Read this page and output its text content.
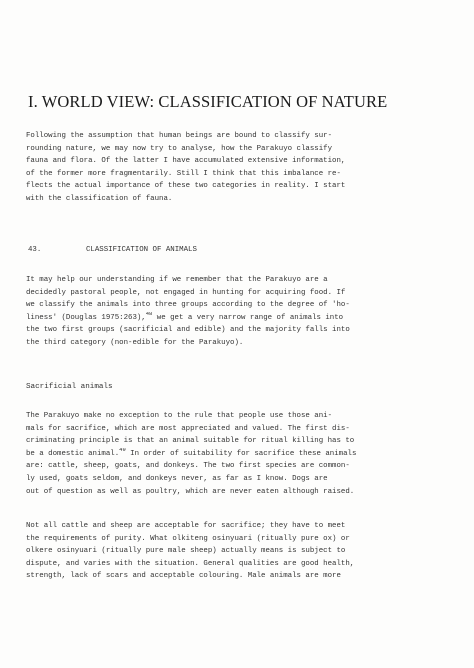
I. WORLD VIEW: CLASSIFICATION OF NATURE
Following the assumption that human beings are bound to classify sur-
rounding nature, we may now try to analyse, how the Parakuyo classify
fauna and flora. Of the latter I have accumulated extensive information,
of the former more fragmentarily. Still I think that this imbalance re-
flects the actual importance of these two categories in reality. I start
with the classification of fauna.
43.	CLASSIFICATION OF ANIMALS
It may help our understanding if we remember that the Parakuyo are a
decidedly pastoral people, not engaged in hunting for acquiring food. If
we classify the animals into three groups according to the degree of 'ho-
liness' (Douglas 1975:263),$^{48}$ we get a very narrow range of animals into
the two first groups (sacrificial and edible) and the majority falls into
the third category (non-edible for the Parakuyo).
Sacrificial animals
The Parakuyo make no exception to the rule that people use those ani-
mals for sacrifice, which are most appreciated and valued. The first dis-
criminating principle is that an animal suitable for ritual killing has to
be a domestic animal.$^{49}$ In order of suitability for sacrifice these animals
are: cattle, sheep, goats, and donkeys. The two first species are common-
ly used, goats seldom, and donkeys never, as far as I know. Dogs are
out of question as well as poultry, which are never eaten although raised.
Not all cattle and sheep are acceptable for sacrifice; they have to meet
the requirements of purity. What olkiteng osinyuari (ritually pure ox) or
olkere osinyuari (ritually pure male sheep) actually means is subject to
dispute, and varies with the situation. General qualities are good health,
strength, lack of scars and acceptable colouring. Male animals are more
